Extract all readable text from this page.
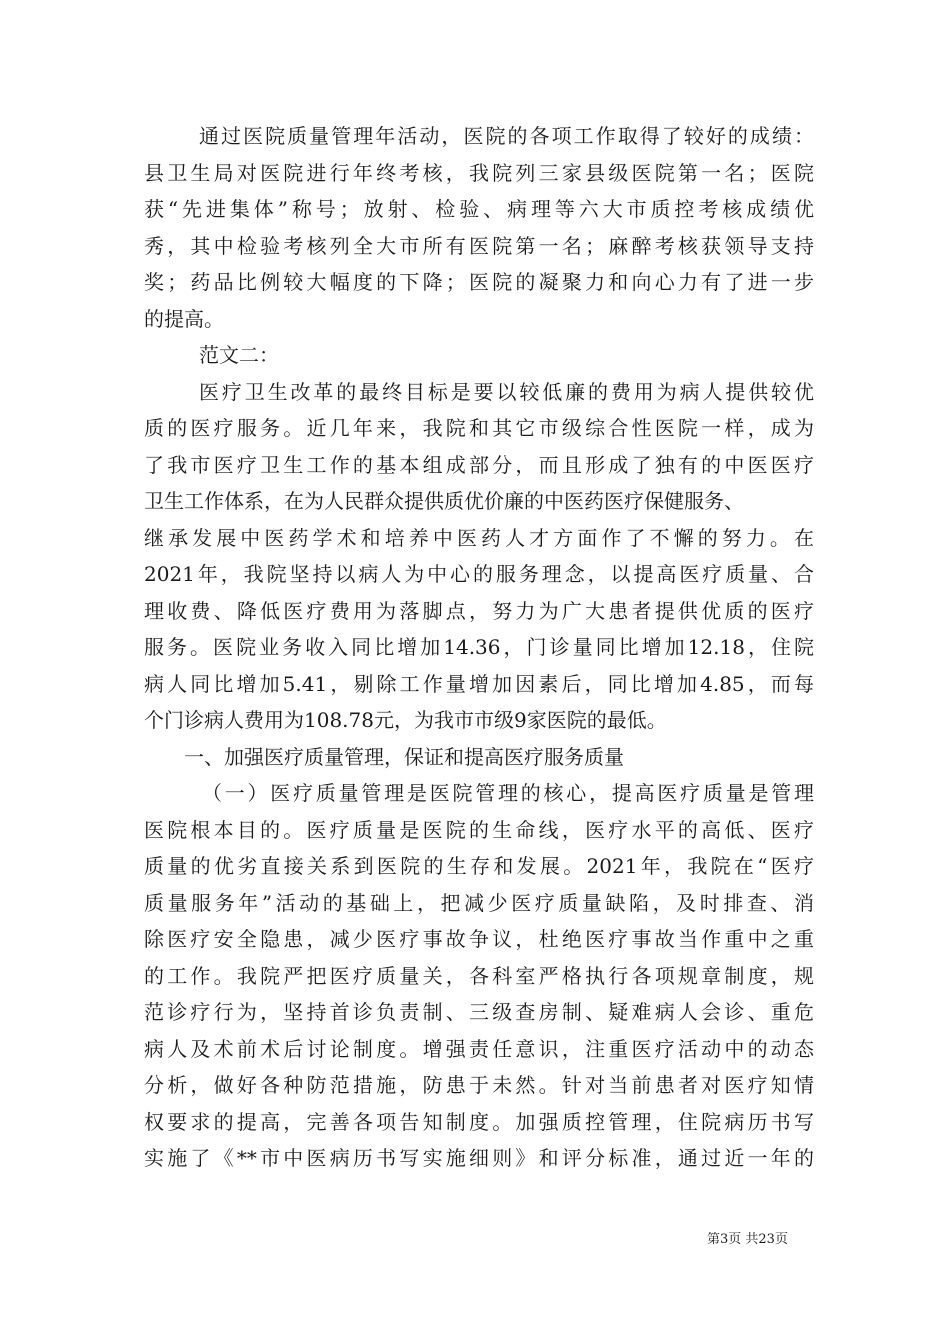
通过医院质量管理年活动，医院的各项工作取得了较好的成绩：
县卫生局对医院进行年终考核，我院列三家县级医院第一名；医院
获“先进集体”称号；放射、检验、病理等六大市质控考核成绩优
秀，其中检验考核列全大市所有医院第一名；麻醉考核获领导支持
奖；药品比例较大幅度的下降；医院的凝聚力和向心力有了进一步
的提高。
范文二：
医疗卫生改革的最终目标是要以较低廉的费用为病人提供较优
质的医疗服务。近几年来，我院和其它市级综合性医院一样，成为
了我市医疗卫生工作的基本组成部分，而且形成了独有的中医医疗
卫生工作体系，在为人民群众提供质优价廉的中医药医疗保健服务、
继承发展中医药学术和培养中医药人才方面作了不懈的努力。在
2021年，我院坚持以病人为中心的服务理念，以提高医疗质量、合
理收费、降低医疗费用为落脚点，努力为广大患者提供优质的医疗
服务。医院业务收入同比增加14.36，门诊量同比增加12.18，住院
病人同比增加5.41，剔除工作量增加因素后，同比增加4.85，而每
个门诊病人费用为108.78元，为我市市级9家医院的最低。
一、加强医疗质量管理，保证和提高医疗服务质量
（一）医疗质量管理是医院管理的核心，提高医疗质量是管理
医院根本目的。医疗质量是医院的生命线，医疗水平的高低、医疗
质量的优劣直接关系到医院的生存和发展。2021年，我院在“医疗
质量服务年”活动的基础上，把减少医疗质量缺陷，及时排查、消
除医疗安全隐患，减少医疗事故争议，杜绝医疗事故当作重中之重
的工作。我院严把医疗质量关，各科室严格执行各项规章制度，规
范诊疗行为，坚持首诊负责制、三级查房制、疑难病人会诊、重危
病人及术前术后讨论制度。增强责任意识，注重医疗活动中的动态
分析，做好各种防范措施，防患于未然。针对当前患者对医疗知情
权要求的提高，完善各项告知制度。加强质控管理，住院病历书写
实施了《**市中医病历书写实施细则》和评分标准，通过近一年的
第3页 共23页
